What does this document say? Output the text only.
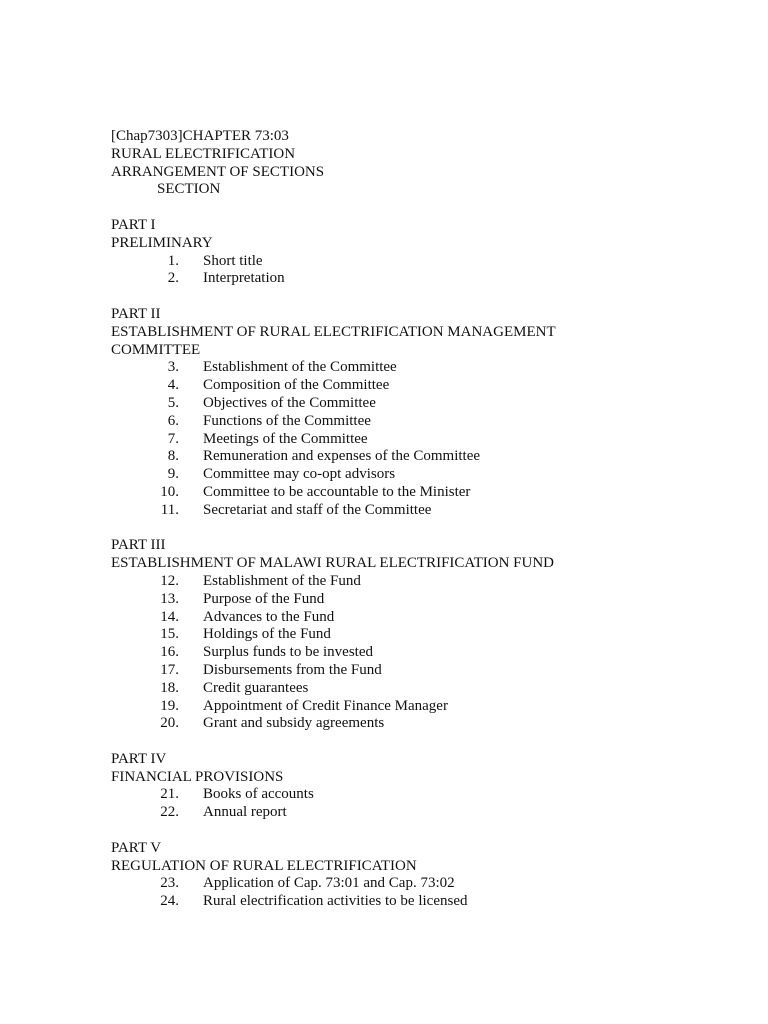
[Chap7303]CHAPTER 73:03
RURAL ELECTRIFICATION
ARRANGEMENT OF SECTIONS
SECTION
PART I
PRELIMINARY
1. Short title
2. Interpretation
PART II
ESTABLISHMENT OF RURAL ELECTRIFICATION MANAGEMENT
COMMITTEE
3. Establishment of the Committee
4. Composition of the Committee
5. Objectives of the Committee
6. Functions of the Committee
7. Meetings of the Committee
8. Remuneration and expenses of the Committee
9. Committee may co-opt advisors
10. Committee to be accountable to the Minister
11. Secretariat and staff of the Committee
PART III
ESTABLISHMENT OF MALAWI RURAL ELECTRIFICATION FUND
12. Establishment of the Fund
13. Purpose of the Fund
14. Advances to the Fund
15. Holdings of the Fund
16. Surplus funds to be invested
17. Disbursements from the Fund
18. Credit guarantees
19. Appointment of Credit Finance Manager
20. Grant and subsidy agreements
PART IV
FINANCIAL PROVISIONS
21. Books of accounts
22. Annual report
PART V
REGULATION OF RURAL ELECTRIFICATION
23. Application of Cap. 73:01 and Cap. 73:02
24. Rural electrification activities to be licensed
